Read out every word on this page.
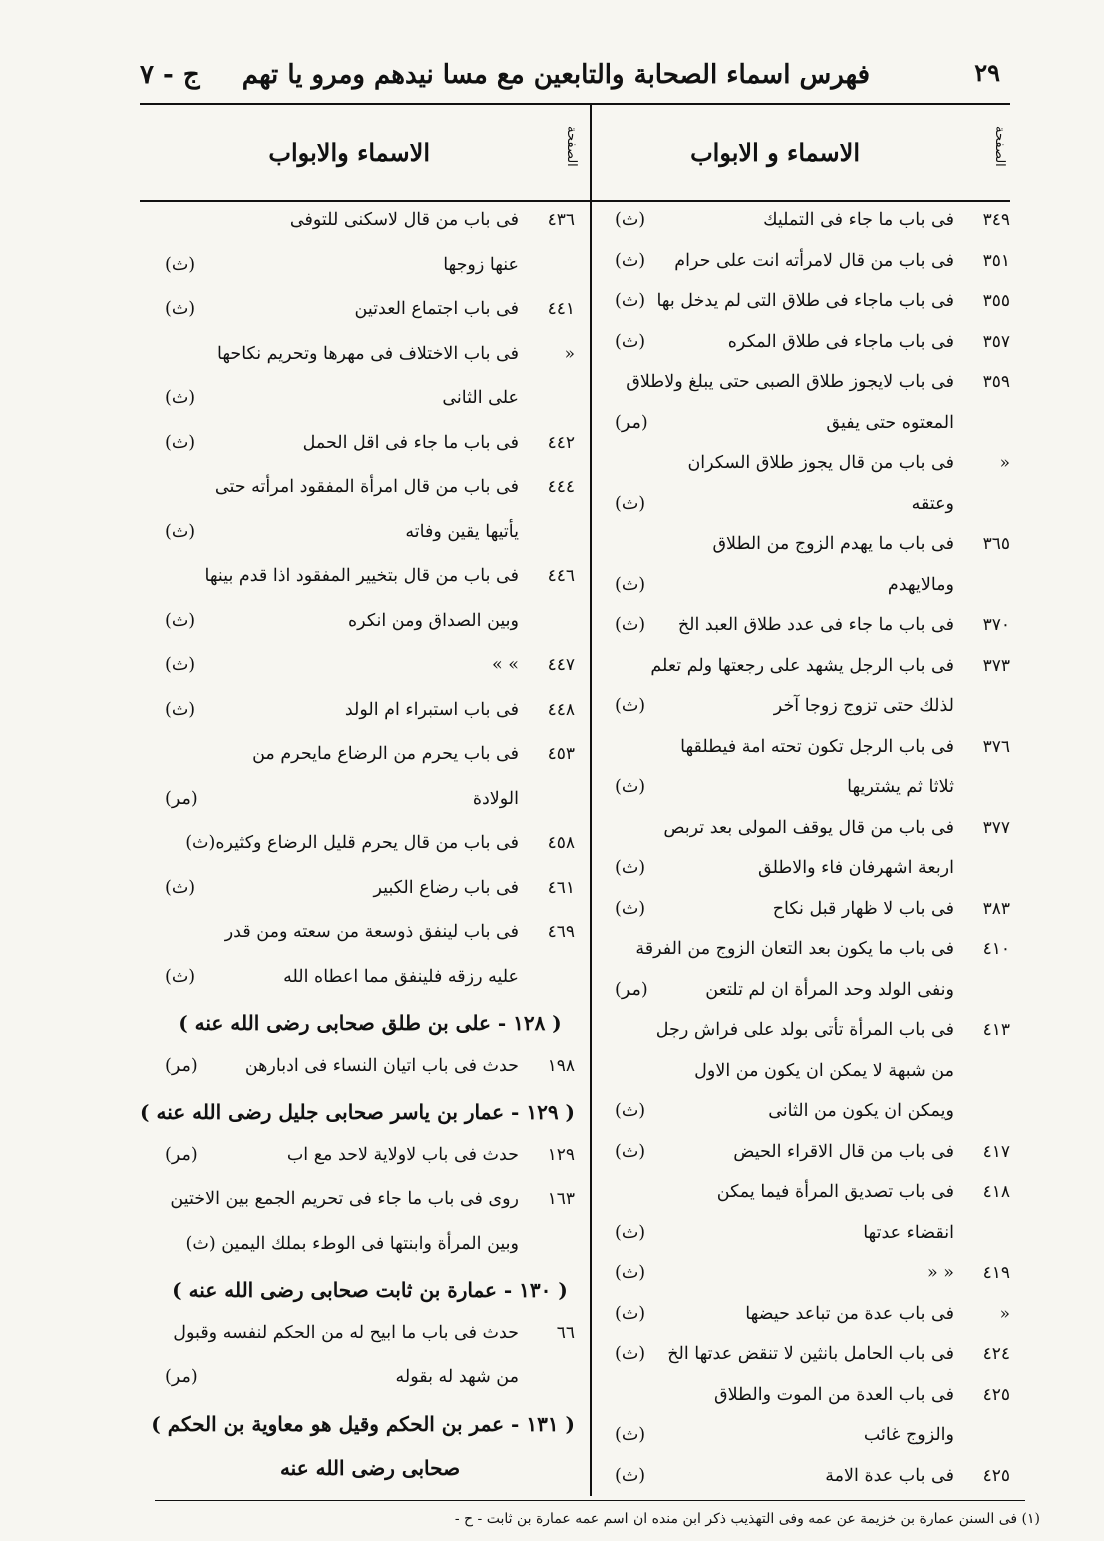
٢٩
فهرس اسماء الصحابة والتابعين مع مسا نيدهم ومرو يا تهم
ج - ٧
الصفحة
الاسماء و الابواب
الصفحة
الاسماء والابواب
٣٤٩
فى باب ما جاء فى التمليك
(ث)
٣٥١
فى باب من قال لامرأته انت على حرام
(ث)
٣٥٥
فى باب ماجاء فى طلاق التى لم يدخل بها
(ث)
٣٥٧
فى باب ماجاء فى طلاق المكره
(ث)
٣٥٩
فى باب لايجوز طلاق الصبى حتى يبلغ ولاطلاق
المعتوه حتى يفيق
(مر)
«
فى باب من قال يجوز طلاق السكران
وعتقه
(ث)
٣٦٥
فى باب ما يهدم الزوج من الطلاق
ومالايهدم
(ث)
٣٧٠
فى باب ما جاء فى عدد طلاق العبد الخ
(ث)
٣٧٣
فى باب الرجل يشهد على رجعتها ولم تعلم
لذلك حتى تزوج زوجا آخر
(ث)
٣٧٦
فى باب الرجل تكون تحته امة فيطلقها
ثلاثا ثم يشتريها
(ث)
٣٧٧
فى باب من قال يوقف المولى بعد تربص
اربعة اشهرفان فاء والاطلق
(ث)
٣٨٣
فى باب لا ظهار قبل نكاح
(ث)
٤١٠
فى باب ما يكون بعد التعان الزوج من الفرقة
ونفى الولد وحد المرأة ان لم تلتعن
(مر)
٤١٣
فى باب المرأة تأتى بولد على فراش رجل
من شبهة لا يمكن ان يكون من الاول
ويمكن ان يكون من الثانى
(ث)
٤١٧
فى باب من قال الاقراء الحيض
(ث)
٤١٨
فى باب تصديق المرأة فيما يمكن
انقضاء عدتها
(ث)
٤١٩
« «
(ث)
«
فى باب عدة من تباعد حيضها
(ث)
٤٢٤
فى باب الحامل بانثين لا تنقض عدتها الخ
(ث)
٤٢٥
فى باب العدة من الموت والطلاق
والزوج غائب
(ث)
٤٢٥
فى باب عدة الامة
(ث)
٤٣٦
فى باب من قال لاسكنى للتوفى
عنها زوجها
(ث)
٤٤١
فى باب اجتماع العدتين
(ث)
«
فى باب الاختلاف فى مهرها وتحريم نكاحها
على الثانى
(ث)
٤٤٢
فى باب ما جاء فى اقل الحمل
(ث)
٤٤٤
فى باب من قال امرأة المفقود امرأته حتى
يأتيها يقين وفاته
(ث)
٤٤٦
فى باب من قال بتخيير المفقود اذا قدم بينها
وبين الصداق ومن انكره
(ث)
٤٤٧
» »
(ث)
٤٤٨
فى باب استبراء ام الولد
(ث)
٤٥٣
فى باب يحرم من الرضاع مايحرم من
الولادة
(مر)
٤٥٨
فى باب من قال يحرم قليل الرضاع وكثيره(ث)
٤٦١
فى باب رضاع الكبير
(ث)
٤٦٩
فى باب لينفق ذوسعة من سعته ومن قدر
عليه رزقه فلينفق مما اعطاه الله
(ث)
( ١٢٨ - على بن طلق صحابى رضى الله عنه )
١٩٨
حدث فى باب اتيان النساء فى ادبارهن
(مر)
( ١٢٩ - عمار بن ياسر صحابى جليل رضى الله عنه )
١٢٩
حدث فى باب لاولاية لاحد مع اب
(مر)
١٦٣
روى فى باب ما جاء فى تحريم الجمع بين الاختين
وبين المرأة وابنتها فى الوطء بملك اليمين (ث)
( ١٣٠ - عمارة بن ثابت صحابى رضى الله عنه )
٦٦
حدث فى باب ما ابيح له من الحكم لنفسه وقبول
من شهد له بقوله
(مر)
( ١٣١ - عمر بن الحكم وقيل هو معاوية بن الحكم )
صحابى رضى الله عنه
(١) فى السنن عمارة بن خزيمة عن عمه وفى التهذيب ذكر ابن منده ان اسم عمه عمارة بن ثابت - ح -
